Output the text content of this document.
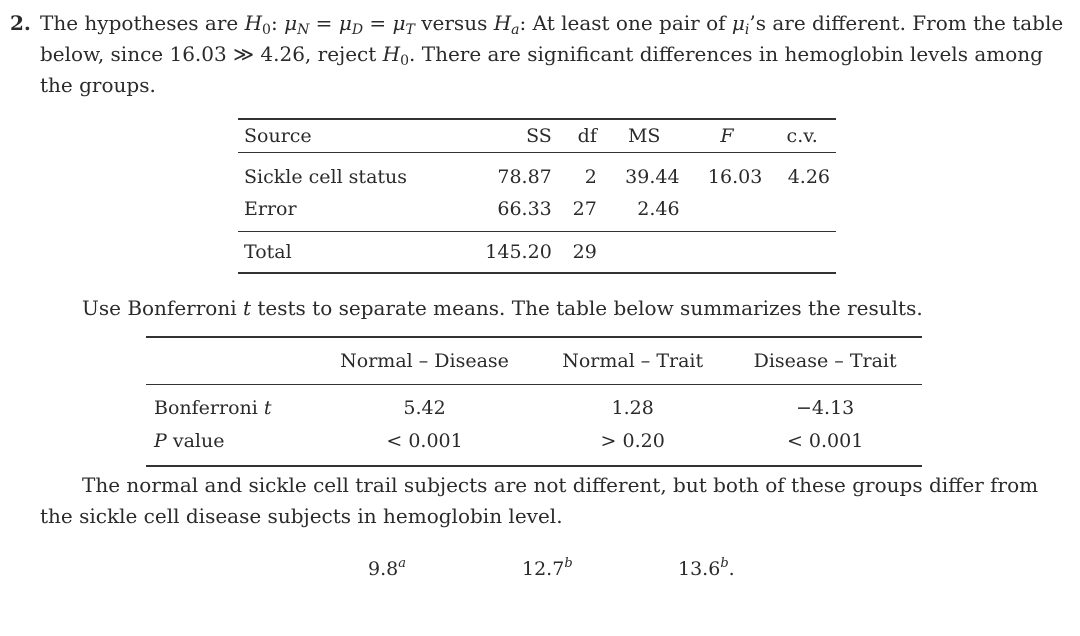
2. The hypotheses are $H_0$: $\mu_N = \mu_D = \mu_T$ versus $H_a$: At least one pair of $\mu_i’s$ are different. From the table below, since 16.03 ≫ 4.26, reject $H_0$. There are significant differences in hemoglobin levels among the groups.
Source	SS	df	MS	F	c.v.
Sickle cell status	78.87	2	39.44	16.03	4.26
Error	66.33	27	2.46		
Total	145.20	29			
Use Bonferroni t tests to separate means. The table below summarizes the results.
	Normal – Disease	Normal – Trait	Disease – Trait
Bonferroni t	5.42	1.28	−4.13
P value	< 0.001	> 0.20	< 0.001
The normal and sickle cell trail subjects are not different, but both of these groups differ from the sickle cell disease subjects in hemoglobin level.
9.8$^a$	12.7$^b$	13.6$^b$.
